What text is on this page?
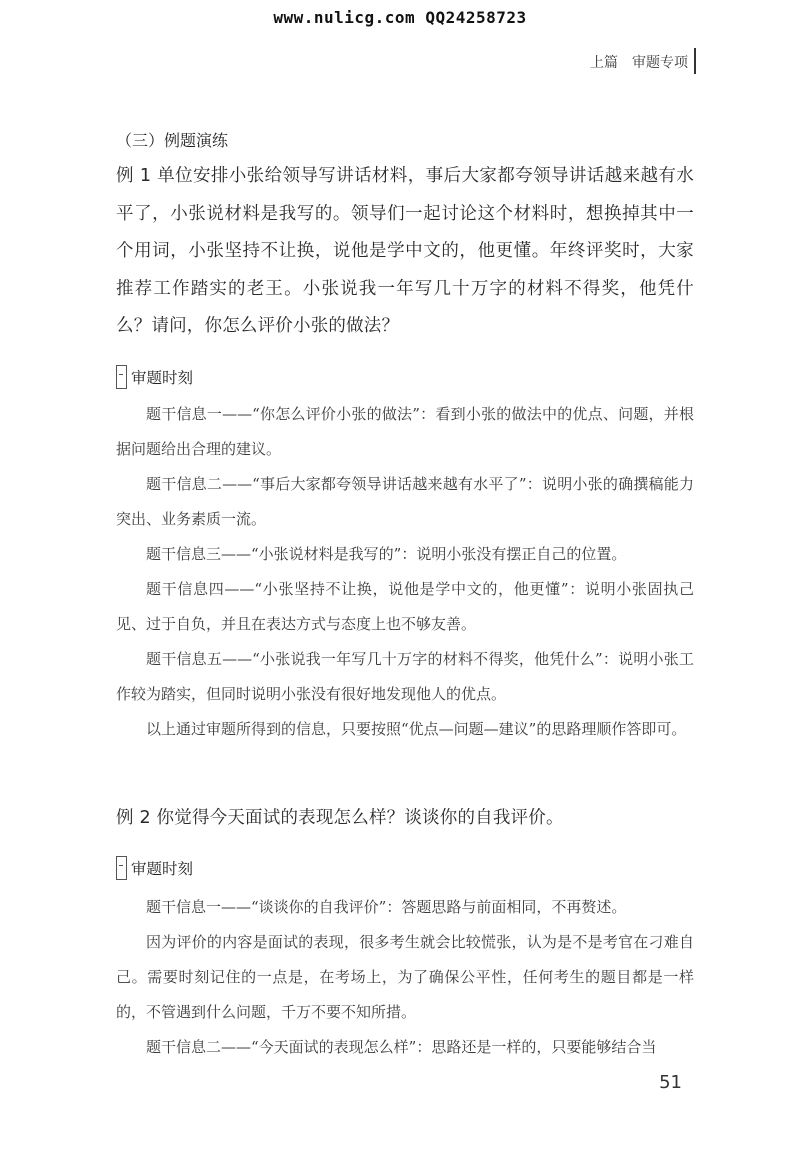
www.nulicg.com QQ24258723
上篇 审题专项
（三）例题演练
例 1 单位安排小张给领导写讲话材料，事后大家都夸领导讲话越来越有水平了，小张说材料是我写的。领导们一起讨论这个材料时，想换掉其中一个用词，小张坚持不让换，说他是学中文的，他更懂。年终评奖时，大家推荐工作踏实的老王。小张说我一年写几十万字的材料不得奖，他凭什么？请问，你怎么评价小张的做法？
审题时刻

题干信息一——“你怎么评价小张的做法”：看到小张的做法中的优点、问题，并根据问题给出合理的建议。

题干信息二——“事后大家都夸领导讲话越来越有水平了”：说明小张的确撰稿能力突出、业务素质一流。

题干信息三——“小张说材料是我写的”：说明小张没有摆正自己的位置。

题干信息四——“小张坚持不让换，说他是学中文的，他更懂”：说明小张固执己见、过于自负，并且在表达方式与态度上也不够友善。

题干信息五——“小张说我一年写几十万字的材料不得奖，他凭什么”：说明小张工作较为踏实，但同时说明小张没有很好地发现他人的优点。

以上通过审题所得到的信息，只要按照“优点—问题—建议”的思路理顺作答即可。

例 2 你觉得今天面试的表现怎么样？谈谈你的自我评价。
审题时刻

题干信息一——“谈谈你的自我评价”：答题思路与前面相同，不再赘述。

因为评价的内容是面试的表现，很多考生就会比较慌张，认为是不是考官在刁难自己。需要时刻记住的一点是，在考场上，为了确保公平性，任何考生的题目都是一样的，不管遇到什么问题，千万不要不知所措。

题干信息二——“今天面试的表现怎么样”：思路还是一样的，只要能够结合当

51
